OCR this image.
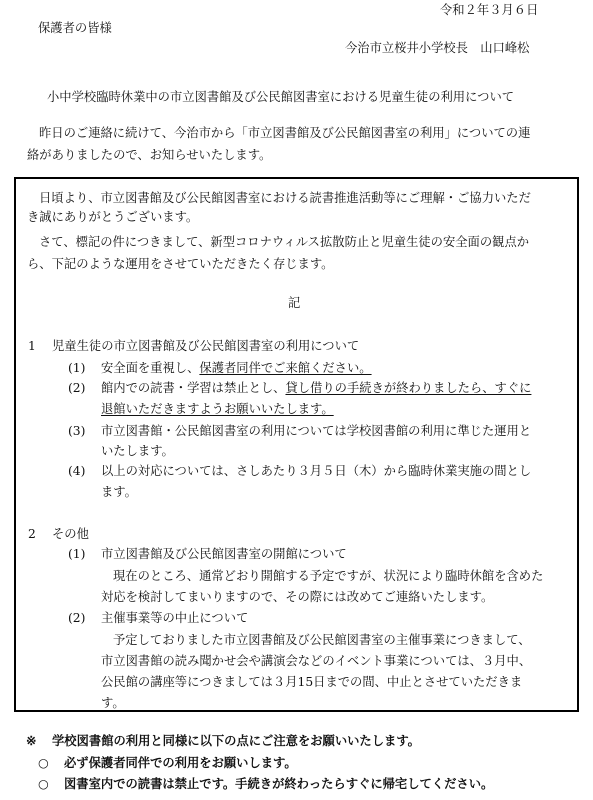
令和２年３月６日
保護者の皆様
今治市立桜井小学校長　山口峰松
小中学校臨時休業中の市立図書館及び公民館図書室における児童生徒の利用について
昨日のご連絡に続けて、今治市から「市立図書館及び公民館図書室の利用」についての連
絡がありましたので、お知らせいたします。
日頃より、市立図書館及び公民館図書室における読書推進活動等にご理解・ご協力いただ
き誠にありがとうございます。
さて、標記の件につきまして、新型コロナウィルス拡散防止と児童生徒の安全面の観点か
ら、下記のような運用をさせていただきたく存じます。
記
1 児童生徒の市立図書館及び公民館図書室の利用について
(1) 安全面を重視し、保護者同伴でご来館ください。
(2) 館内での読書・学習は禁止とし、貸し借りの手続きが終わりましたら、すぐに
退館いただきますようお願いいたします。
(3) 市立図書館・公民館図書室の利用については学校図書館の利用に準じた運用と
いたします。
(4) 以上の対応については、さしあたり３月５日（木）から臨時休業実施の間とし
ます。
2 その他
(1) 市立図書館及び公民館図書室の開館について
現在のところ、通常どおり開館する予定ですが、状況により臨時休館を含めた
対応を検討してまいりますので、その際には改めてご連絡いたします。
(2) 主催事業等の中止について
予定しておりました市立図書館及び公民館図書室の主催事業につきまして、
市立図書館の読み聞かせ会や講演会などのイベント事業については、３月中、
公民館の講座等につきましては３月15日までの間、中止とさせていただきま
す。
※ 学校図書館の利用と同様に以下の点にご注意をお願いいたします。
○ 必ず保護者同伴での利用をお願いします。
○ 図書室内での読書は禁止です。手続きが終わったらすぐに帰宅してください。
